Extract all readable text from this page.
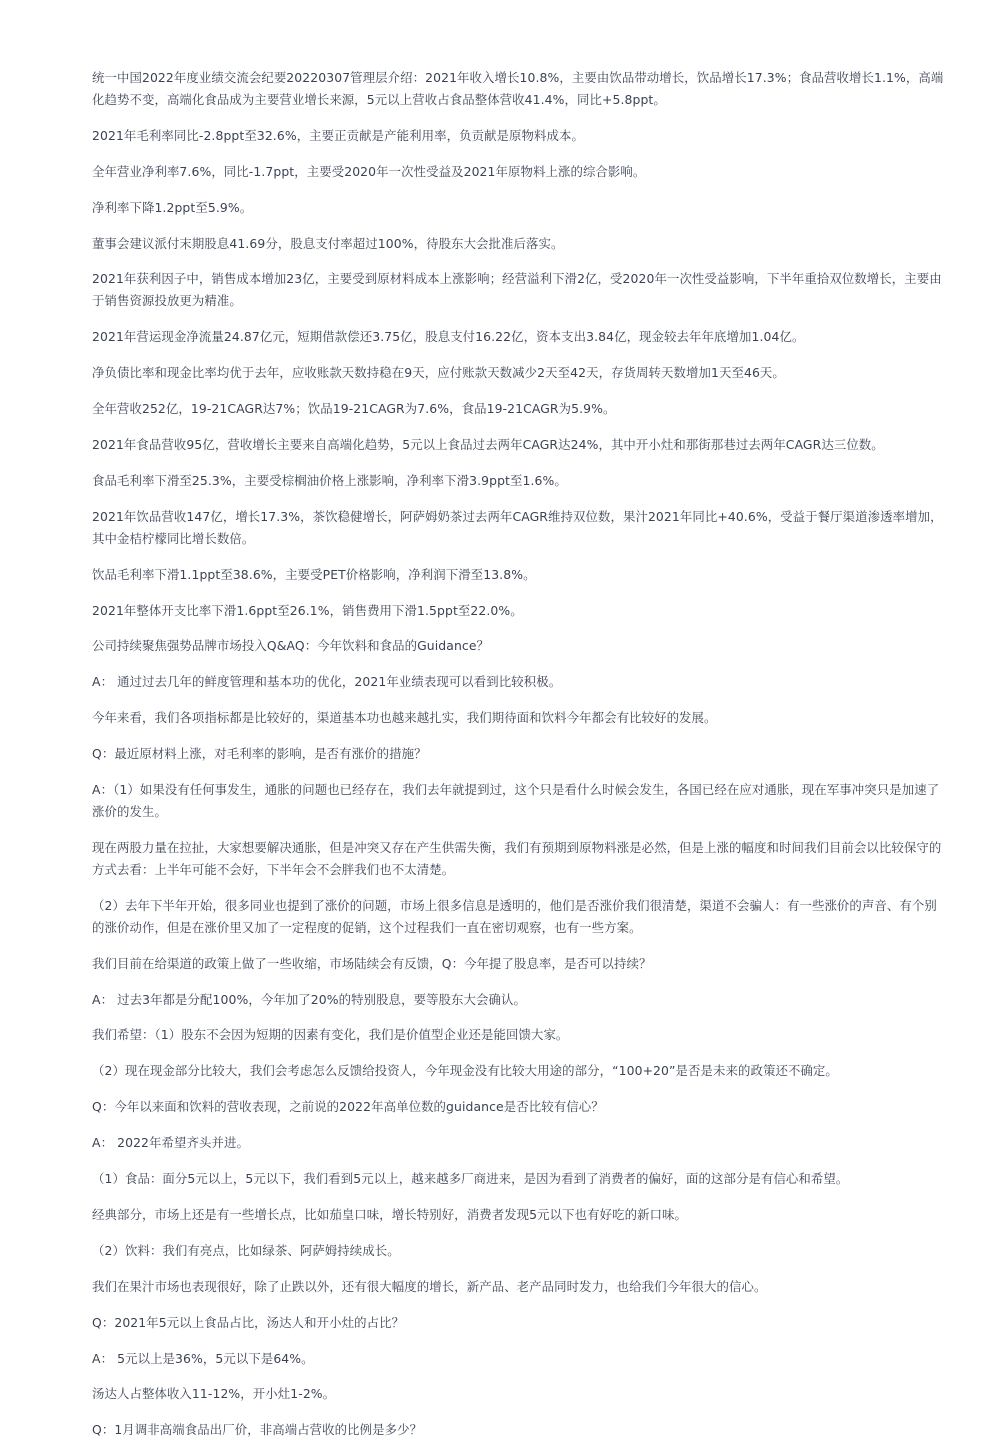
统一中国2022年度业绩交流会纪要20220307管理层介绍：2021年收入增长10.8%，主要由饮品带动增长，饮品增长17.3%；食品营收增长1.1%，高端化趋势不变，高端化食品成为主要营业增长来源，5元以上营收占食品整体营收41.4%，同比+5.8ppt。

2021年毛利率同比-2.8ppt至32.6%，主要正贡献是产能利用率，负贡献是原物料成本。

全年营业净利率7.6%，同比-1.7ppt，主要受2020年一次性受益及2021年原物料上涨的综合影响。

净利率下降1.2ppt至5.9%。

董事会建议派付末期股息41.69分，股息支付率超过100%，待股东大会批准后落实。

2021年获利因子中，销售成本增加23亿，主要受到原材料成本上涨影响；经营溢利下滑2亿，受2020年一次性受益影响，下半年重拾双位数增长，主要由于销售资源投放更为精准。

2021年营运现金净流量24.87亿元，短期借款偿还3.75亿，股息支付16.22亿，资本支出3.84亿，现金较去年年底增加1.04亿。

净负债比率和现金比率均优于去年，应收账款天数持稳在9天，应付账款天数减少2天至42天，存货周转天数增加1天至46天。

全年营收252亿，19-21CAGR达7%；饮品19-21CAGR为7.6%，食品19-21CAGR为5.9%。

2021年食品营收95亿，营收增长主要来自高端化趋势，5元以上食品过去两年CAGR达24%，其中开小灶和那街那巷过去两年CAGR达三位数。

食品毛利率下滑至25.3%，主要受棕榈油价格上涨影响，净利率下滑3.9ppt至1.6%。

2021年饮品营收147亿，增长17.3%，茶饮稳健增长，阿萨姆奶茶过去两年CAGR维持双位数，果汁2021年同比+40.6%，受益于餐厅渠道渗透率增加，其中金桔柠檬同比增长数倍。

饮品毛利率下滑1.1ppt至38.6%，主要受PET价格影响，净利润下滑至13.8%。

2021年整体开支比率下滑1.6ppt至26.1%，销售费用下滑1.5ppt至22.0%。

公司持续聚焦强势品牌市场投入Q&AQ：今年饮料和食品的Guidance？

A： 通过过去几年的鲜度管理和基本功的优化，2021年业绩表现可以看到比较积极。

今年来看，我们各项指标都是比较好的，渠道基本功也越来越扎实，我们期待面和饮料今年都会有比较好的发展。

Q：最近原材料上涨，对毛利率的影响，是否有涨价的措施？

A：（1）如果没有任何事发生，通胀的问题也已经存在，我们去年就提到过，这个只是看什么时候会发生，各国已经在应对通胀，现在军事冲突只是加速了涨价的发生。

现在两股力量在拉扯，大家想要解决通胀，但是冲突又存在产生供需失衡，我们有预期到原物料涨是必然，但是上涨的幅度和时间我们目前会以比较保守的方式去看：上半年可能不会好，下半年会不会胖我们也不太清楚。

（2）去年下半年开始，很多同业也提到了涨价的问题，市场上很多信息是透明的，他们是否涨价我们很清楚，渠道不会骗人：有一些涨价的声音、有个别的涨价动作，但是在涨价里又加了一定程度的促销，这个过程我们一直在密切观察，也有一些方案。

我们目前在给渠道的政策上做了一些收缩，市场陆续会有反馈，Q：今年提了股息率，是否可以持续？

A： 过去3年都是分配100%，今年加了20%的特别股息，要等股东大会确认。

我们希望：（1）股东不会因为短期的因素有变化，我们是价值型企业还是能回馈大家。

（2）现在现金部分比较大，我们会考虑怎么反馈给投资人，今年现金没有比较大用途的部分，“100+20”是否是未来的政策还不确定。

Q：今年以来面和饮料的营收表现，之前说的2022年高单位数的guidance是否比较有信心？

A： 2022年希望齐头并进。

（1）食品：面分5元以上，5元以下，我们看到5元以上，越来越多厂商进来，是因为看到了消费者的偏好，面的这部分是有信心和希望。

经典部分，市场上还是有一些增长点，比如茄皇口味，增长特别好，消费者发现5元以下也有好吃的新口味。

（2）饮料：我们有亮点，比如绿茶、阿萨姆持续成长。

我们在果汁市场也表现很好，除了止跌以外，还有很大幅度的增长，新产品、老产品同时发力，也给我们今年很大的信心。

Q：2021年5元以上食品占比，汤达人和开小灶的占比？

A： 5元以上是36%，5元以下是64%。

汤达人占整体收入11-12%，开小灶1-2%。

Q：1月调非高端食品出厂价，非高端占营收的比例是多少？
